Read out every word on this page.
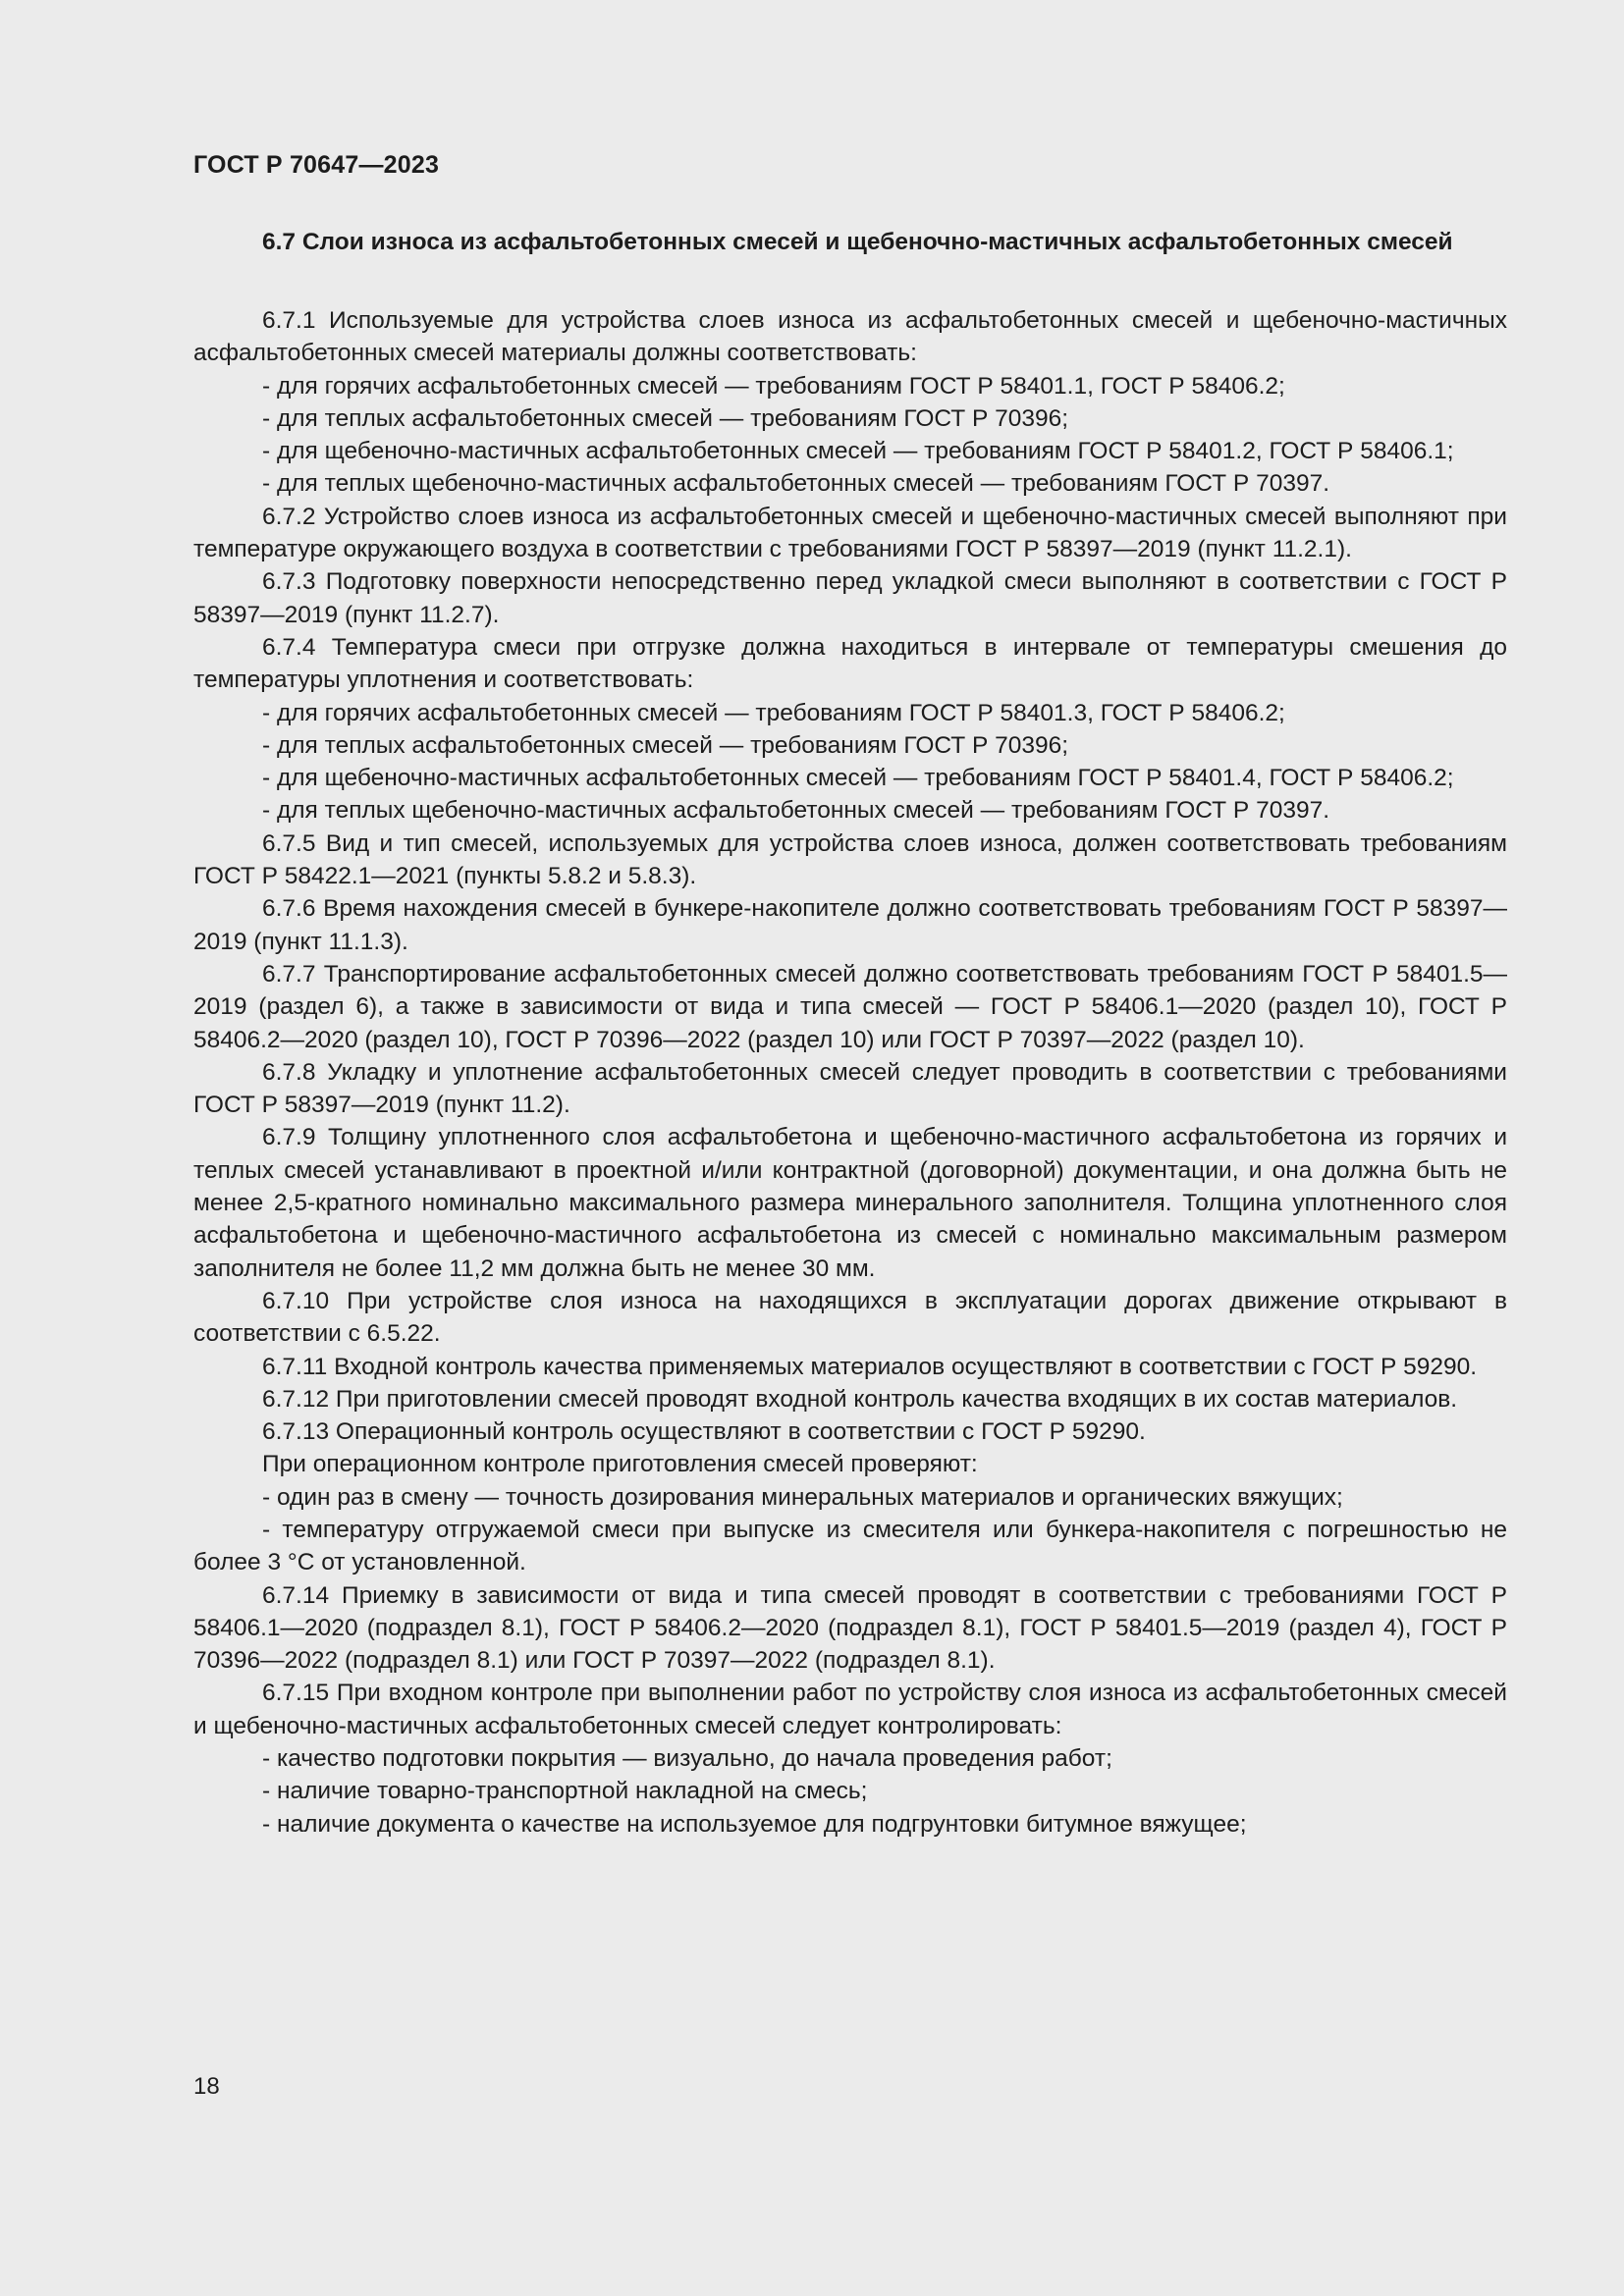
ГОСТ Р 70647—2023
6.7 Слои износа из асфальтобетонных смесей и щебеночно-мастичных асфальтобетонных смесей

6.7.1 Используемые для устройства слоев износа из асфальтобетонных смесей и щебеночно-мастичных асфальтобетонных смесей материалы должны соответствовать:

- для горячих асфальтобетонных смесей — требованиям ГОСТ Р 58401.1, ГОСТ Р 58406.2;

- для теплых асфальтобетонных смесей — требованиям ГОСТ Р 70396;

- для щебеночно-мастичных асфальтобетонных смесей — требованиям ГОСТ Р 58401.2, ГОСТ Р 58406.1;

- для теплых щебеночно-мастичных асфальтобетонных смесей — требованиям ГОСТ Р 70397.

6.7.2 Устройство слоев износа из асфальтобетонных смесей и щебеночно-мастичных смесей выполняют при температуре окружающего воздуха в соответствии с требованиями ГОСТ Р 58397—2019 (пункт 11.2.1).

6.7.3 Подготовку поверхности непосредственно перед укладкой смеси выполняют в соответствии с ГОСТ Р 58397—2019 (пункт 11.2.7).

6.7.4 Температура смеси при отгрузке должна находиться в интервале от температуры смешения до температуры уплотнения и соответствовать:

- для горячих асфальтобетонных смесей — требованиям ГОСТ Р 58401.3, ГОСТ Р 58406.2;

- для теплых асфальтобетонных смесей — требованиям ГОСТ Р 70396;

- для щебеночно-мастичных асфальтобетонных смесей — требованиям ГОСТ Р 58401.4, ГОСТ Р 58406.2;

- для теплых щебеночно-мастичных асфальтобетонных смесей — требованиям ГОСТ Р 70397.

6.7.5 Вид и тип смесей, используемых для устройства слоев износа, должен соответствовать требованиям ГОСТ Р 58422.1—2021 (пункты 5.8.2 и 5.8.3).

6.7.6 Время нахождения смесей в бункере-накопителе должно соответствовать требованиям ГОСТ Р 58397—2019 (пункт 11.1.3).

6.7.7 Транспортирование асфальтобетонных смесей должно соответствовать требованиям ГОСТ Р 58401.5—2019 (раздел 6), а также в зависимости от вида и типа смесей — ГОСТ Р 58406.1—2020 (раздел 10), ГОСТ Р 58406.2—2020 (раздел 10), ГОСТ Р 70396—2022 (раздел 10) или ГОСТ Р 70397—2022 (раздел 10).

6.7.8 Укладку и уплотнение асфальтобетонных смесей следует проводить в соответствии с требованиями ГОСТ Р 58397—2019 (пункт 11.2).

6.7.9 Толщину уплотненного слоя асфальтобетона и щебеночно-мастичного асфальтобетона из горячих и теплых смесей устанавливают в проектной и/или контрактной (договорной) документации, и она должна быть не менее 2,5-кратного номинально максимального размера минерального заполнителя. Толщина уплотненного слоя асфальтобетона и щебеночно-мастичного асфальтобетона из смесей с номинально максимальным размером заполнителя не более 11,2 мм должна быть не менее 30 мм.

6.7.10 При устройстве слоя износа на находящихся в эксплуатации дорогах движение открывают в соответствии с 6.5.22.

6.7.11 Входной контроль качества применяемых материалов осуществляют в соответствии с ГОСТ Р 59290.

6.7.12 При приготовлении смесей проводят входной контроль качества входящих в их состав материалов.

6.7.13 Операционный контроль осуществляют в соответствии с ГОСТ Р 59290.

При операционном контроле приготовления смесей проверяют:

- один раз в смену — точность дозирования минеральных материалов и органических вяжущих;

- температуру отгружаемой смеси при выпуске из смесителя или бункера-накопителя с погрешностью не более 3 °С от установленной.

6.7.14 Приемку в зависимости от вида и типа смесей проводят в соответствии с требованиями ГОСТ Р 58406.1—2020 (подраздел 8.1), ГОСТ Р 58406.2—2020 (подраздел 8.1), ГОСТ Р 58401.5—2019 (раздел 4), ГОСТ Р 70396—2022 (подраздел 8.1) или ГОСТ Р 70397—2022 (подраздел 8.1).

6.7.15 При входном контроле при выполнении работ по устройству слоя износа из асфальтобетонных смесей и щебеночно-мастичных асфальтобетонных смесей следует контролировать:

- качество подготовки покрытия — визуально, до начала проведения работ;

- наличие товарно-транспортной накладной на смесь;

- наличие документа о качестве на используемое для подгрунтовки битумное вяжущее;

18
